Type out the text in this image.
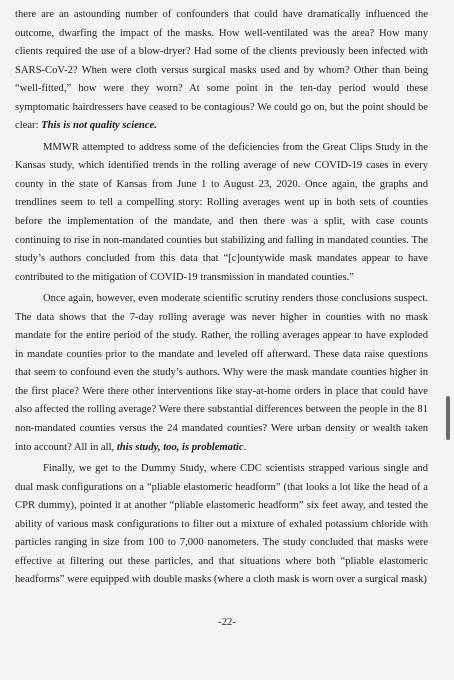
there are an astounding number of confounders that could have dramatically influenced the outcome, dwarfing the impact of the masks. How well-ventilated was the area? How many clients required the use of a blow-dryer? Had some of the clients previously been infected with SARS-CoV-2? When were cloth versus surgical masks used and by whom? Other than being “well-fitted,” how were they worn? At some point in the ten-day period would these symptomatic hairdressers have ceased to be contagious? We could go on, but the point should be clear: This is not quality science.

MMWR attempted to address some of the deficiencies from the Great Clips Study in the Kansas study, which identified trends in the rolling average of new COVID-19 cases in every county in the state of Kansas from June 1 to August 23, 2020. Once again, the graphs and trendlines seem to tell a compelling story: Rolling averages went up in both sets of counties before the implementation of the mandate, and then there was a split, with case counts continuing to rise in non-mandated counties but stabilizing and falling in mandated counties. The study’s authors concluded from this data that “[c]ountywide mask mandates appear to have contributed to the mitigation of COVID-19 transmission in mandated counties.”

Once again, however, even moderate scientific scrutiny renders those conclusions suspect. The data shows that the 7-day rolling average was never higher in counties with no mask mandate for the entire period of the study. Rather, the rolling averages appear to have exploded in mandate counties prior to the mandate and leveled off afterward. These data raise questions that seem to confound even the study’s authors. Why were the mask mandate counties higher in the first place? Were there other interventions like stay-at-home orders in place that could have also affected the rolling average? Were there substantial differences between the people in the 81 non-mandated counties versus the 24 mandated counties? Were urban density or wealth taken into account? All in all, this study, too, is problematic.

Finally, we get to the Dummy Study, where CDC scientists strapped various single and dual mask configurations on a “pliable elastomeric headform” (that looks a lot like the head of a CPR dummy), pointed it at another “pliable elastomeric headform” six feet away, and tested the ability of various mask configurations to filter out a mixture of exhaled potassium chloride with particles ranging in size from 100 to 7,000 nanometers. The study concluded that masks were effective at filtering out these particles, and that situations where both “pliable elastomeric headforms” were equipped with double masks (where a cloth mask is worn over a surgical mask)

-22-
